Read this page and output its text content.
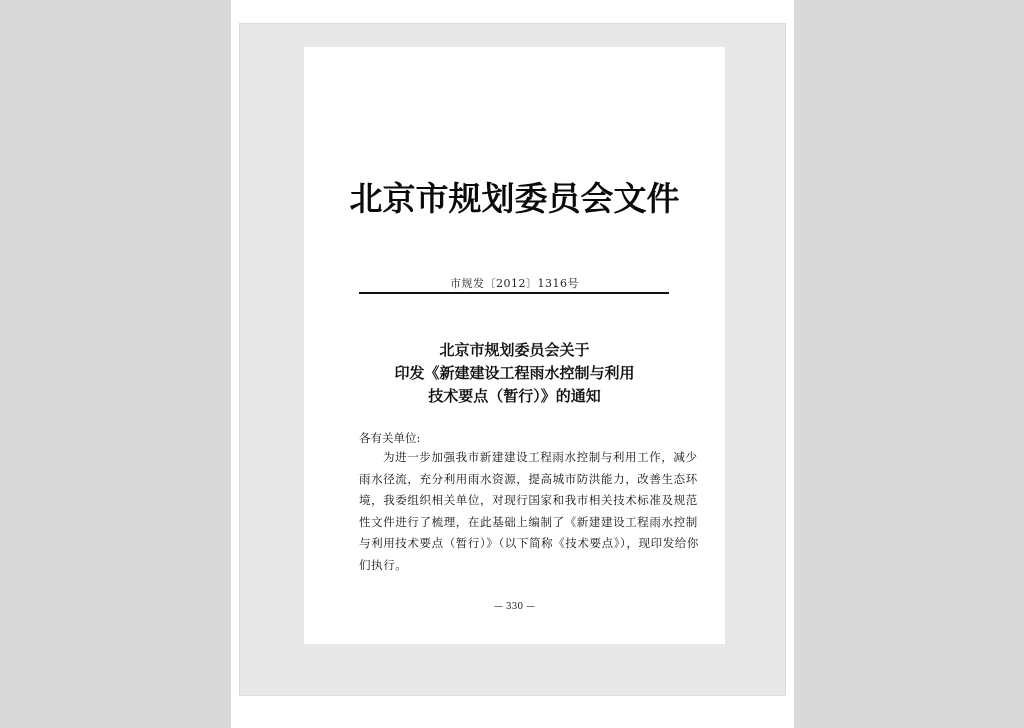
北京市规划委员会文件
市规发〔2012〕1316号
北京市规划委员会关于
印发《新建建设工程雨水控制与利用
技术要点（暂行）》的通知
各有关单位:
为进一步加强我市新建建设工程雨水控制与利用工作，减少
雨水径流，充分利用雨水资源，提高城市防洪能力，改善生态环
境，我委组织相关单位，对现行国家和我市相关技术标准及规范
性文件进行了梳理，在此基础上编制了《新建建设工程雨水控制
与利用技术要点（暂行）》（以下简称《技术要点》），现印发给你
们执行。
— 330 —
